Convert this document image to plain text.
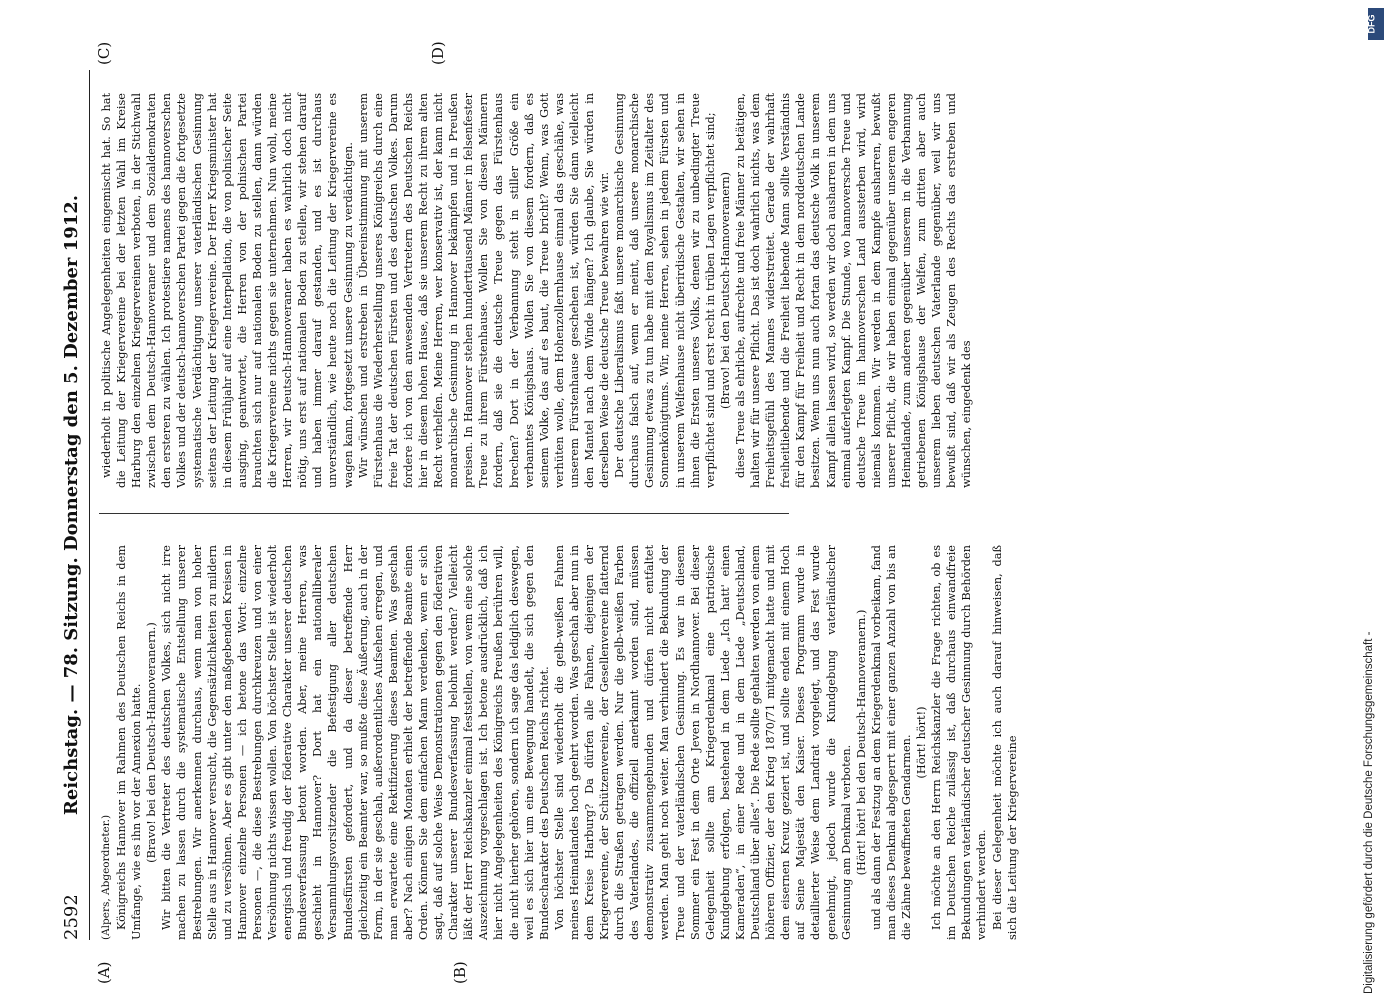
2592
Reichstag. — 78. Sitzung. Donnerstag den 5. Dezember 1912.
(A)	(B)
(C)	(D)

(Alpers, Abgeordneter.) Königreichs Hannover im Rahmen des Deutschen Reichs in dem Umfange, wie es ihn vor der Annexion hatte. (Bravo! bei den Deutsch-Hannoveranern.) Wir bitten die Vertreter des deutschen Volkes, sich nicht irre machen zu lassen durch die systematische Entstellung unserer Bestrebungen. Wir anerkennen durchaus, wenn man von hoher Stelle aus in Hannover versucht, die Gegensätzlichkeiten zu mildern und zu versöhnen. Aber es gibt unter den maßgebenden Kreisen in Hannover einzelne Personen — ich betone das Wort: einzelne Personen —, die diese Bestrebungen durchkreuzen und von einer Versöhnung nichts wissen wollen. Von höchster Stelle ist wiederholt energisch und freudig der föderative Charakter unserer deutschen Bundesverfassung betont worden. Aber, meine Herren, was geschieht in Hannover? Dort hat ein nationalliberaler Versammlungsvorsitzender die Befestigung aller deutschen Bundesfürsten gefordert, und da dieser betreffende Herr gleichzeitig ein Beamter war, so mußte diese Äußerung, auch in der Form, in der sie geschah, außerordentliches Aufsehen erregen, und man erwartete eine Rektifizierung dieses Beamten. Was geschah aber? Nach einigen Monaten erhielt der betreffende Beamte einen Orden. Können Sie dem einfachen Mann verdenken, wenn er sich sagt, daß auf solche Weise Demonstrationen gegen den föderativen Charakter unserer Bundesverfassung belohnt werden? Vielleicht läßt der Herr Reichskanzler einmal feststellen, von wem eine solche Auszeichnung vorgeschlagen ist. Ich betone ausdrücklich, daß ich hier nicht Angelegenheiten des Königreichs Preußen berühren will, die nicht hierher gehören, sondern ich sage das lediglich deswegen, weil es sich hier um eine Bewegung handelt, die sich gegen den Bundescharakter des Deutschen Reichs richtet. Von höchster Stelle sind wiederholt die gelb-weißen Fahnen meines Heimatlandes hoch geehrt worden. Was geschah aber nun in dem Kreise Harburg? Da dürfen alle Fahnen, diejenigen der Kriegervereine, der Schützenvereine, der Gesellenvereine flatternd durch die Straßen getragen werden. Nur die gelb-weißen Farben des Vaterlandes, die offiziell anerkannt worden sind, müssen demonstrativ zusammengebunden und dürfen nicht entfaltet werden. Man geht noch weiter. Man verhindert die Bekundung der Treue und der vaterländischen Gesinnung. Es war in diesem Sommer ein Fest in dem Orte Jeven in Nordhannover. Bei dieser Gelegenheit sollte am Kriegerdenkmal eine patriotische Kundgebung erfolgen, bestehend in dem Liede „Ich hatt' einen Kameraden“, in einer Rede und in dem Liede „Deutschland, Deutschland über alles“. Die Rede sollte gehalten werden von einem höheren Offizier, der den Krieg 1870/71 mitgemacht hatte und mit dem eisernen Kreuz geziert ist, und sollte enden mit einem Hoch auf Seine Majestät den Kaiser. Dieses Programm wurde in detaillierter Weise dem Landrat vorgelegt, und das Fest wurde genehmigt, jedoch wurde die Kundgebung vaterländischer Gesinnung am Denkmal verboten. (Hört! hört! bei den Deutsch-Hannoveranern.) und als dann der Festzug an dem Kriegerdenkmal vorbeikam, fand man dieses Denkmal abgesperrt mit einer ganzen Anzahl von bis an die Zähne bewaffneten Gendarmen. (Hört! hört!) Ich möchte an den Herrn Reichskanzler die Frage richten, ob es im Deutschen Reiche zulässig ist, daß durchaus einwandfreie Bekundungen vaterländischer deutscher Gesinnung durch Behörden verhindert werden. Bei dieser Gelegenheit möchte ich auch darauf hinweisen, daß sich die Leitung der Kriegervereine

wiederholt in politische Angelegenheiten eingemischt hat. So hat die Leitung der Kriegervereine bei der letzten Wahl im Kreise Harburg den einzelnen Kriegervereinen verboten, in der Stichwahl zwischen dem Deutsch-Hannoveraner und dem Sozialdemokraten den ersteren zu wählen. Ich protestiere namens des hannoverschen Volkes und der deutsch-hannoverschen Partei gegen die fortgesetzte systematische Verdächtigung unserer vaterländischen Gesinnung seitens der Leitung der Kriegervereine. Der Herr Kriegsminister hat in diesem Frühjahr auf eine Interpellation, die von polnischer Seite ausging, geantwortet, die Herren von der polnischen Partei brauchten sich nur auf nationalen Boden zu stellen, dann würden die Kriegervereine nichts gegen sie unternehmen. Nun wohl, meine Herren, wir Deutsch-Hannoveraner haben es wahrlich doch nicht nötig, uns erst auf nationalen Boden zu stellen, wir stehen darauf und haben immer darauf gestanden, und es ist durchaus unverständlich, wie heute noch die Leitung der Kriegervereine es wagen kann, fortgesetzt unsere Gesinnung zu verdächtigen. Wir wünschen und erstreben in Übereinstimmung mit unserem Fürstenhaus die Wiederherstellung unseres Königreichs durch eine freie Tat der deutschen Fürsten und des deutschen Volkes. Darum fordere ich von den anwesenden Vertretern des Deutschen Reichs hier in diesem hohen Hause, daß sie unserem Recht zu ihrem alten Recht verhelfen. Meine Herren, wer konservativ ist, der kann nicht monarchische Gesinnung in Hannover bekämpfen und in Preußen preisen. In Hannover stehen hunderttausend Männer in felsenfester Treue zu ihrem Fürstenhause. Wollen Sie von diesen Männern fordern, daß sie die deutsche Treue gegen das Fürstenhaus brechen? Dort in der Verbannung steht in stiller Größe ein verbanntes Königshaus. Wollen Sie von diesem fordern, daß es seinem Volke, das auf es baut, die Treue bricht? Wenn, was Gott verhüten wolle, dem Hohenzollernhause einmal das geschähe, was unserem Fürstenhause geschehen ist, würden Sie dann vielleicht den Mantel nach dem Winde hängen? Ich glaube, Sie würden in derselben Weise die deutsche Treue bewahren wie wir. Der deutsche Liberalismus faßt unsere monarchische Gesinnung durchaus falsch auf, wenn er meint, daß unsere monarchische Gesinnung etwas zu tun habe mit dem Royalismus im Zeitalter des Sonnenkönigtums. Wir, meine Herren, sehen in jedem Fürsten und in unserem Welfenhause nicht überirdische Gestalten, wir sehen in ihnen die Ersten unseres Volks, denen wir zu unbedingter Treue verpflichtet sind und erst recht in trüben Lagen verpflichtet sind; (Bravo! bei den Deutsch-Hannoveranern) diese Treue als ehrliche, aufrechte und freie Männer zu betätigen, halten wir für unsere Pflicht. Das ist doch wahrlich nichts, was dem Freiheitsgefühl des Mannes widerstreitet. Gerade der wahrhaft freiheitliebende und die Freiheit liebende Mann sollte Verständnis für den Kampf für Freiheit und Recht in dem norddeutschen Lande besitzen. Wenn uns nun auch fortan das deutsche Volk in unserem Kampf allein lassen wird, so werden wir doch ausharren in dem uns einmal auferlegten Kampf. Die Stunde, wo hannoversche Treue und deutsche Treue im hannoverschen Land aussterben wird, wird niemals kommen. Wir werden in dem Kampfe ausharren, bewußt unserer Pflicht, die wir haben einmal gegenüber unserem engeren Heimatlande, zum anderen gegenüber unserem in die Verbannung getriebenen Königshause der Welfen, zum dritten aber auch unserem lieben deutschen Vaterlande gegenüber, weil wir uns bewußt sind, daß wir als Zeugen des Rechts das erstreben und wünschen, eingedenk des

Digitalisierung gefördert durch die Deutsche Forschungsgemeinschaft -
DFG
